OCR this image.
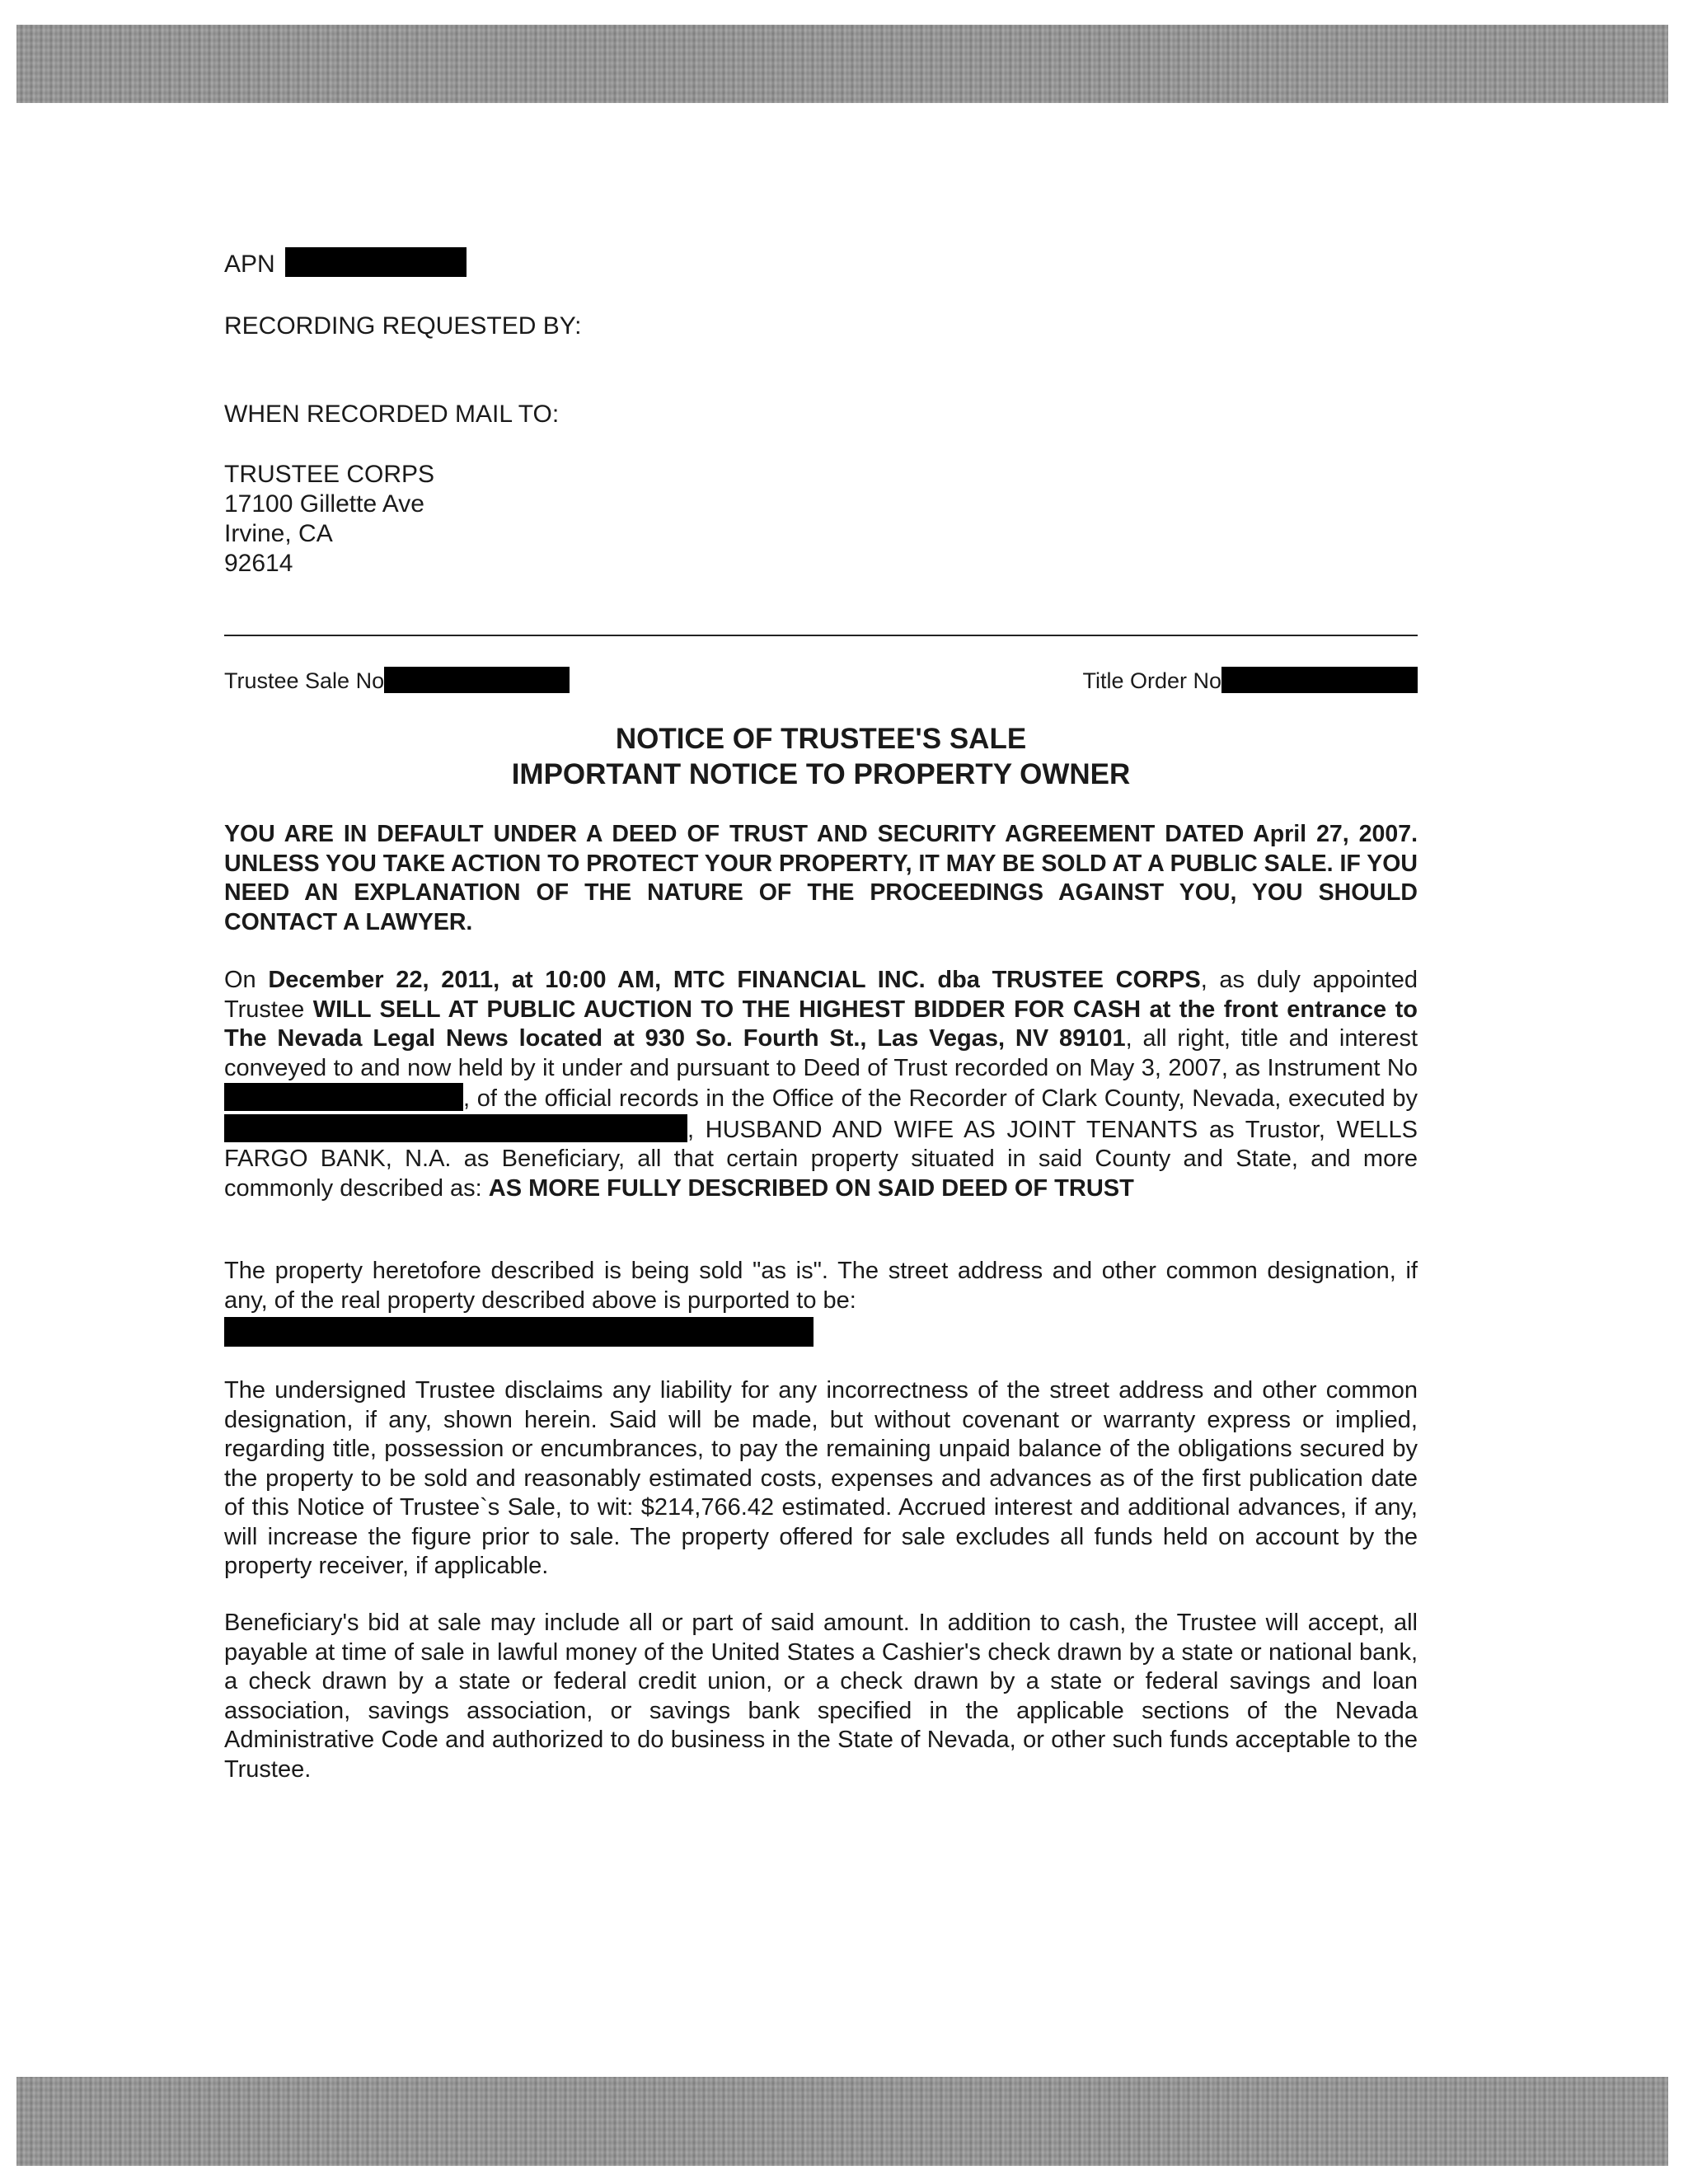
APN
RECORDING REQUESTED BY:
WHEN RECORDED MAIL TO:
TRUSTEE CORPS
17100 Gillette Ave
Irvine, CA
92614
Trustee Sale No	Title Order No
NOTICE OF TRUSTEE'S SALE
IMPORTANT NOTICE TO PROPERTY OWNER
YOU ARE IN DEFAULT UNDER A DEED OF TRUST AND SECURITY AGREEMENT DATED April 27, 2007. UNLESS YOU TAKE ACTION TO PROTECT YOUR PROPERTY, IT MAY BE SOLD AT A PUBLIC SALE. IF YOU NEED AN EXPLANATION OF THE NATURE OF THE PROCEEDINGS AGAINST YOU, YOU SHOULD CONTACT A LAWYER.
On December 22, 2011, at 10:00 AM, MTC FINANCIAL INC. dba TRUSTEE CORPS, as duly appointed Trustee WILL SELL AT PUBLIC AUCTION TO THE HIGHEST BIDDER FOR CASH at the front entrance to The Nevada Legal News located at 930 So. Fourth St., Las Vegas, NV 89101, all right, title and interest conveyed to and now held by it under and pursuant to Deed of Trust recorded on May 3, 2007, as Instrument No, of the official records in the Office of the Recorder of Clark County, Nevada, executed by, HUSBAND AND WIFE AS JOINT TENANTS as Trustor, WELLS FARGO BANK, N.A. as Beneficiary, all that certain property situated in said County and State, and more commonly described as: AS MORE FULLY DESCRIBED ON SAID DEED OF TRUST
The property heretofore described is being sold "as is". The street address and other common designation, if any, of the real property described above is purported to be:
The undersigned Trustee disclaims any liability for any incorrectness of the street address and other common designation, if any, shown herein. Said will be made, but without covenant or warranty express or implied, regarding title, possession or encumbrances, to pay the remaining unpaid balance of the obligations secured by the property to be sold and reasonably estimated costs, expenses and advances as of the first publication date of this Notice of Trustee`s Sale, to wit: $214,766.42 estimated. Accrued interest and additional advances, if any, will increase the figure prior to sale. The property offered for sale excludes all funds held on account by the property receiver, if applicable.
Beneficiary's bid at sale may include all or part of said amount. In addition to cash, the Trustee will accept, all payable at time of sale in lawful money of the United States a Cashier's check drawn by a state or national bank, a check drawn by a state or federal credit union, or a check drawn by a state or federal savings and loan association, savings association, or savings bank specified in the applicable sections of the Nevada Administrative Code and authorized to do business in the State of Nevada, or other such funds acceptable to the Trustee.
